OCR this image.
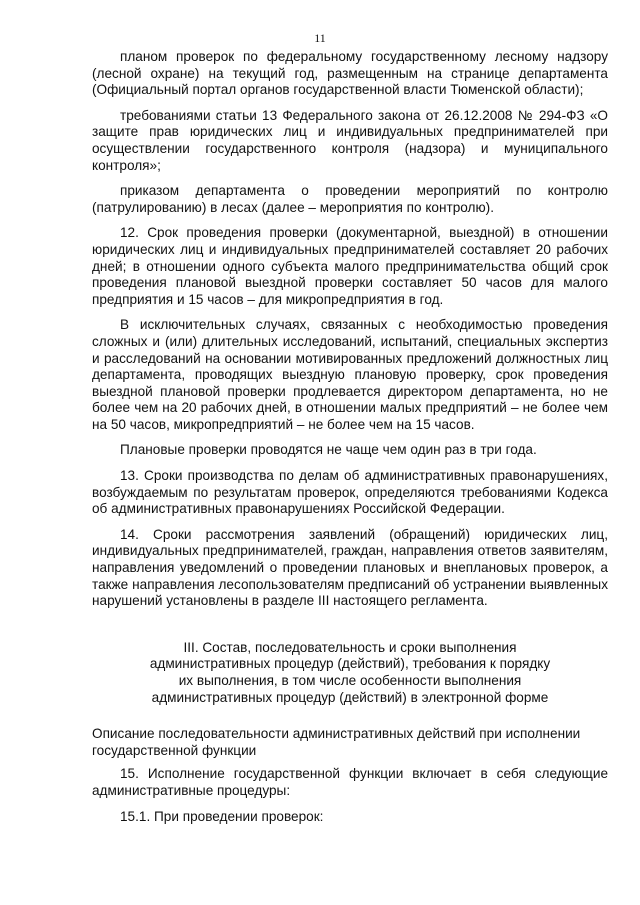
11

планом проверок по федеральному государственному лесному надзору (лесной охране) на текущий год, размещенным на странице департамента (Официальный портал органов государственной власти Тюменской области);

требованиями статьи 13 Федерального закона от 26.12.2008 № 294-ФЗ «О защите прав юридических лиц и индивидуальных предпринимателей при осуществлении государственного контроля (надзора) и муниципального контроля»;

приказом департамента о проведении мероприятий по контролю (патрулированию) в лесах (далее – мероприятия по контролю).

12. Срок проведения проверки (документарной, выездной) в отношении юридических лиц и индивидуальных предпринимателей составляет 20 рабочих дней; в отношении одного субъекта малого предпринимательства общий срок проведения плановой выездной проверки составляет 50 часов для малого предприятия и 15 часов – для микропредприятия в год.

В исключительных случаях, связанных с необходимостью проведения сложных и (или) длительных исследований, испытаний, специальных экспертиз и расследований на основании мотивированных предложений должностных лиц департамента, проводящих выездную плановую проверку, срок проведения выездной плановой проверки продлевается директором департамента, но не более чем на 20 рабочих дней, в отношении малых предприятий – не более чем на 50 часов, микропредприятий – не более чем на 15 часов.

Плановые проверки проводятся не чаще чем один раз в три года.

13. Сроки производства по делам об административных правонарушениях, возбуждаемым по результатам проверок, определяются требованиями Кодекса об административных правонарушениях Российской Федерации.

14. Сроки рассмотрения заявлений (обращений) юридических лиц, индивидуальных предпринимателей, граждан, направления ответов заявителям, направления уведомлений о проведении плановых и внеплановых проверок, а также направления лесопользователям предписаний об устранении выявленных нарушений установлены в разделе III настоящего регламента.

III. Состав, последовательность и сроки выполнения
административных процедур (действий), требования к порядку
их выполнения, в том числе особенности выполнения
административных процедур (действий) в электронной форме

Описание последовательности административных действий при исполнении государственной функции

15. Исполнение государственной функции включает в себя следующие административные процедуры:

15.1. При проведении проверок:
